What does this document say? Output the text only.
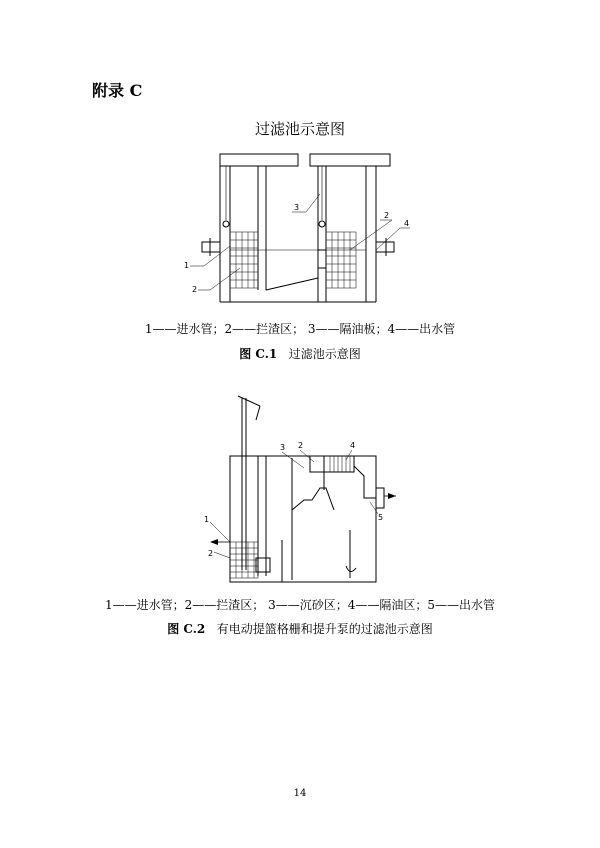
附录 C
过滤池示意图
1
2
3
2
4
1——进水管；2——拦渣区； 3——隔油板；4——出水管
图 C.1 过滤池示意图
1
2
3 2	4
5
1——进水管；2——拦渣区； 3——沉砂区；4——隔油区；5——出水管
图 C.2 有电动提篮格栅和提升泵的过滤池示意图
14
